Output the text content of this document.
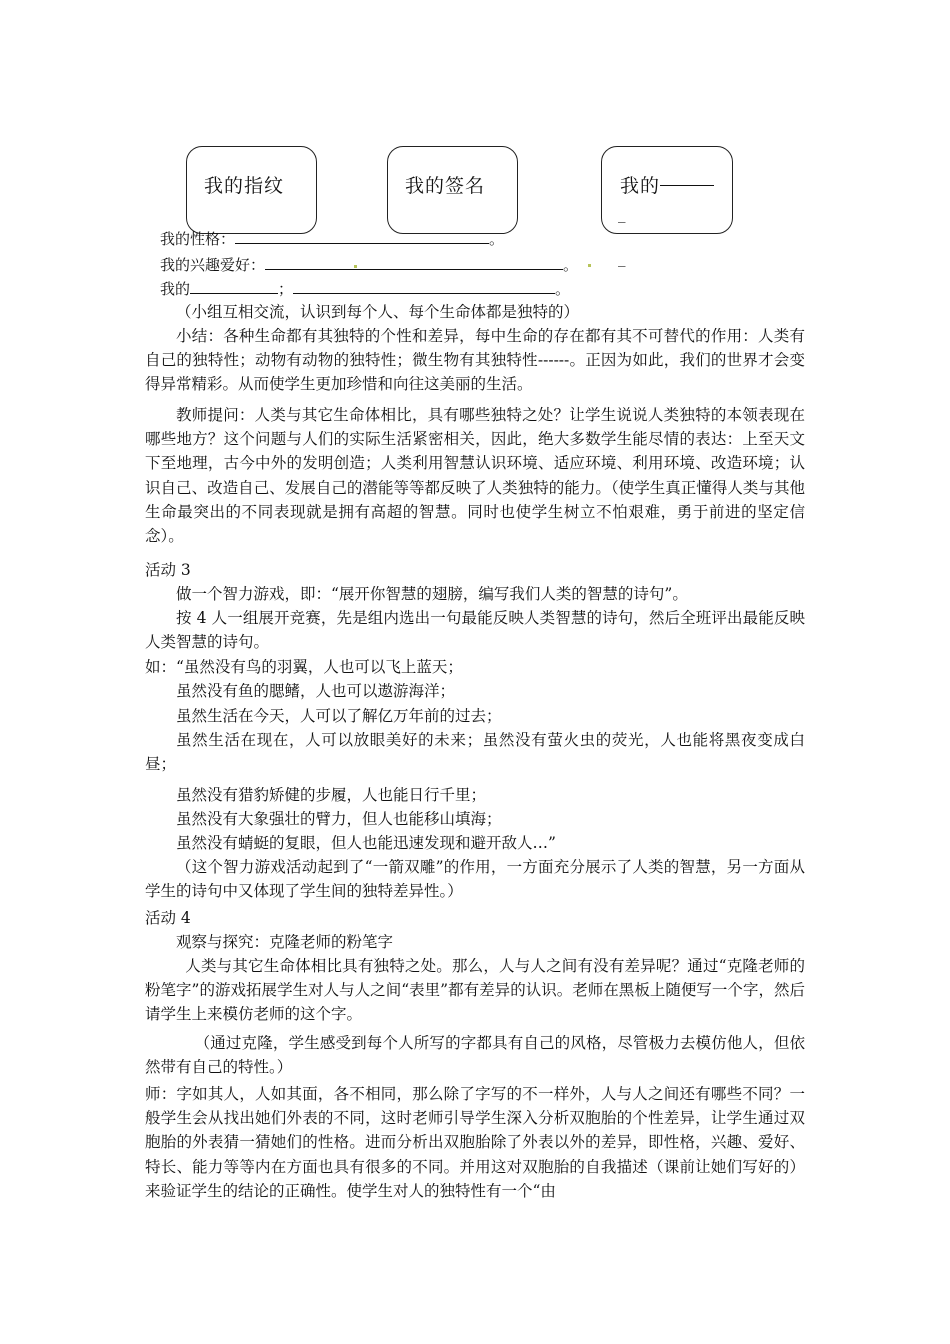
我的指纹	我的签名	我的
_
我的性格：	。
我的兴趣爱好：	。
我的	；	。
_
（小组互相交流，认识到每个人、每个生命体都是独特的）
小结：各种生命都有其独特的个性和差异，每中生命的存在都有其不可替代的作用：人类有自己的独特性；动物有动物的独特性；微生物有其独特性------。正因为如此，我们的世界才会变得异常精彩。从而使学生更加珍惜和向往这美丽的生活。
教师提问：人类与其它生命体相比，具有哪些独特之处？让学生说说人类独特的本领表现在哪些地方？这个问题与人们的实际生活紧密相关，因此，绝大多数学生能尽情的表达：上至天文下至地理，古今中外的发明创造；人类利用智慧认识环境、适应环境、利用环境、改造环境；认识自己、改造自己、发展自己的潜能等等都反映了人类独特的能力。（使学生真正懂得人类与其他生命最突出的不同表现就是拥有高超的智慧。同时也使学生树立不怕艰难，勇于前进的坚定信念）。
活动 3
做一个智力游戏，即：“展开你智慧的翅膀，编写我们人类的智慧的诗句”。
按 4 人一组展开竞赛，先是组内选出一句最能反映人类智慧的诗句，然后全班评出最能反映人类智慧的诗句。
如：“虽然没有鸟的羽翼，人也可以飞上蓝天；
虽然没有鱼的腮鳍，人也可以遨游海洋；
虽然生活在今天，人可以了解亿万年前的过去；
虽然生活在现在，人可以放眼美好的未来；虽然没有萤火虫的荧光，人也能将黑夜变成白昼；
虽然没有猎豹矫健的步履，人也能日行千里；
虽然没有大象强壮的臂力，但人也能移山填海；
虽然没有蜻蜓的复眼，但人也能迅速发现和避开敌人…”
（这个智力游戏活动起到了“一箭双雕”的作用，一方面充分展示了人类的智慧，另一方面从学生的诗句中又体现了学生间的独特差异性。）
活动 4
观察与探究：克隆老师的粉笔字
人类与其它生命体相比具有独特之处。那么，人与人之间有没有差异呢？通过“克隆老师的粉笔字”的游戏拓展学生对人与人之间“表里”都有差异的认识。老师在黑板上随便写一个字，然后请学生上来模仿老师的这个字。
（通过克隆，学生感受到每个人所写的字都具有自己的风格，尽管极力去模仿他人，但依然带有自己的特性。）
师：字如其人，人如其面，各不相同，那么除了字写的不一样外，人与人之间还有哪些不同？一般学生会从找出她们外表的不同，这时老师引导学生深入分析双胞胎的个性差异，让学生通过双胞胎的外表猜一猜她们的性格。进而分析出双胞胎除了外表以外的差异，即性格，兴趣、爱好、特长、能力等等内在方面也具有很多的不同。并用这对双胞胎的自我描述（课前让她们写好的）来验证学生的结论的正确性。使学生对人的独特性有一个“由
